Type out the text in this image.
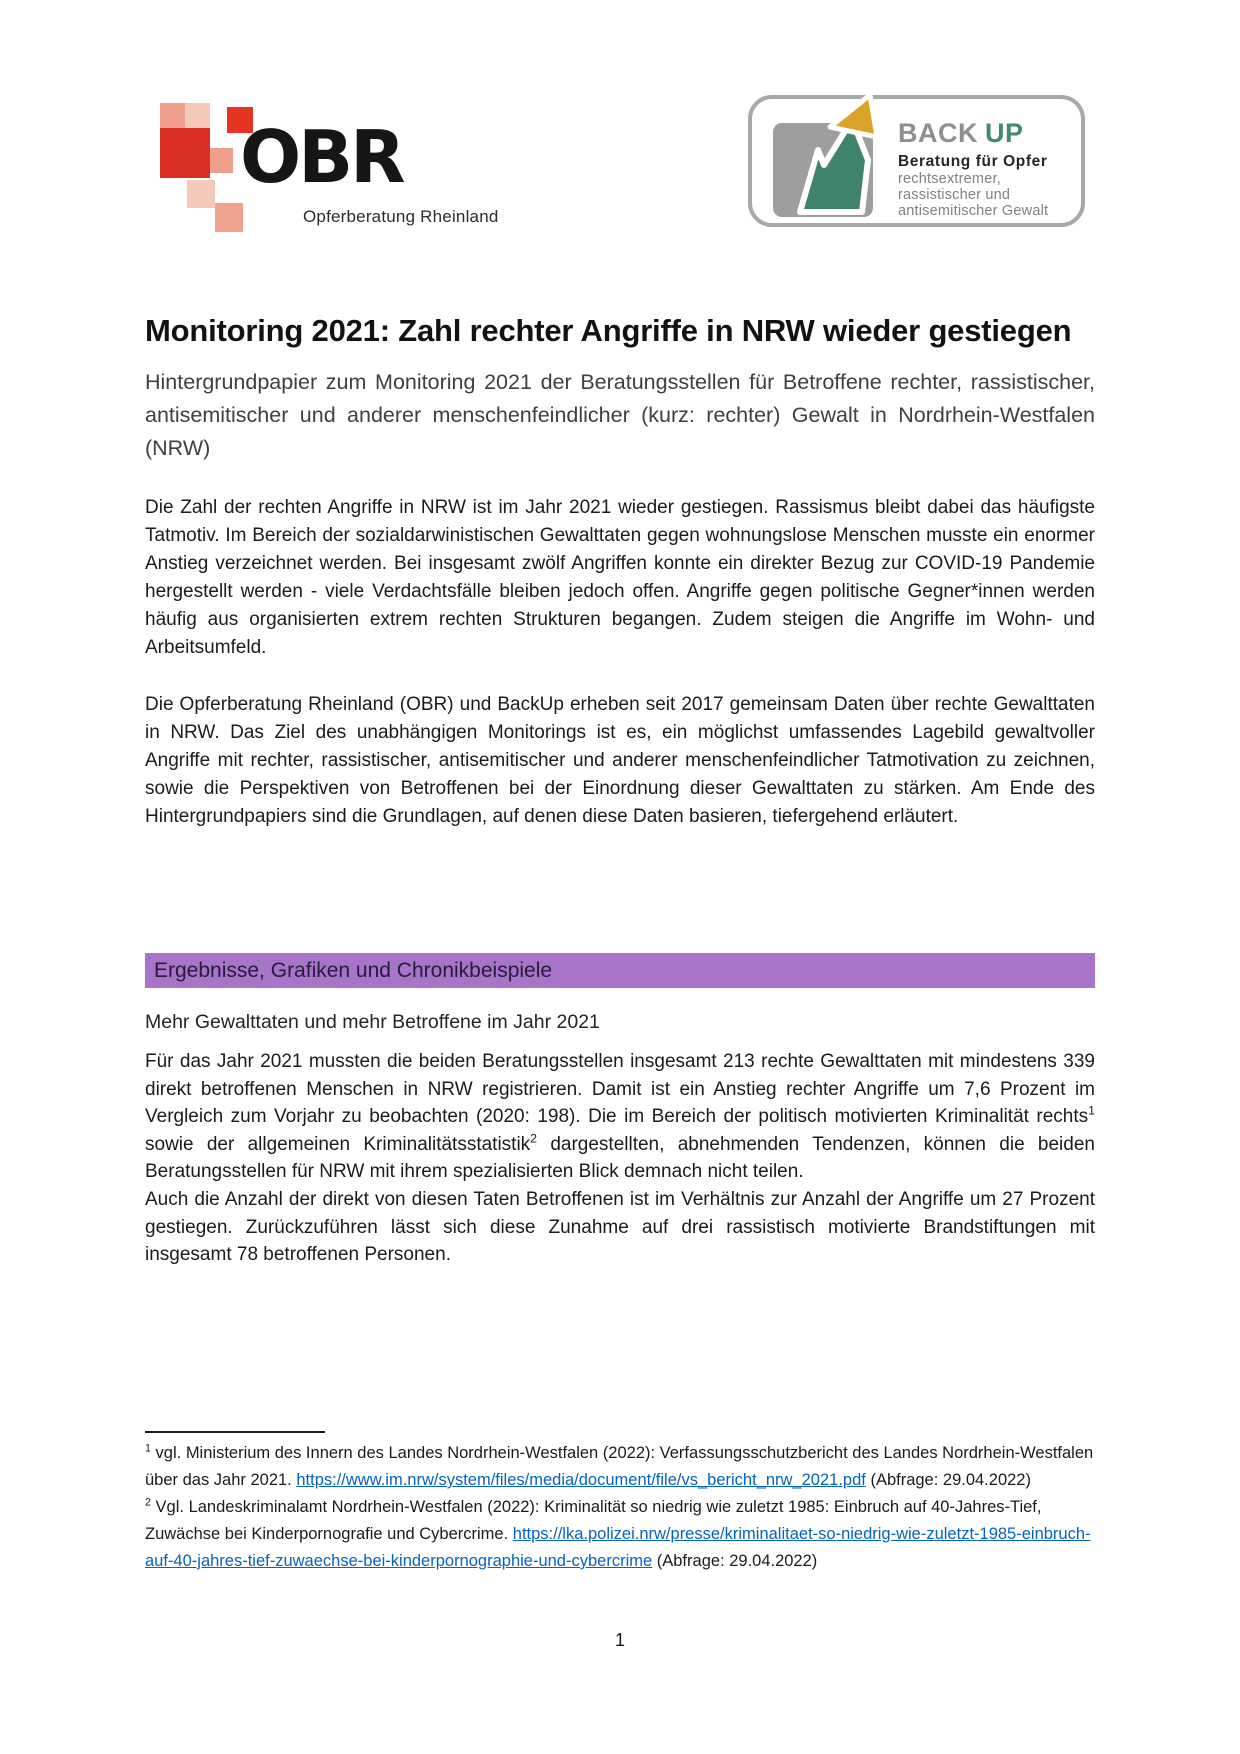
OBR
Opferberatung Rheinland
BACK UP
Beratung für Opfer
rechtsextremer,
rassistischer und
antisemitischer Gewalt
Monitoring 2021: Zahl rechter Angriffe in NRW wieder gestiegen

Hintergrundpapier zum Monitoring 2021 der Beratungsstellen für Betroffene rechter, rassistischer, antisemitischer und anderer menschenfeindlicher (kurz: rechter) Gewalt in Nordrhein-Westfalen (NRW)

Die Zahl der rechten Angriffe in NRW ist im Jahr 2021 wieder gestiegen. Rassismus bleibt dabei das häufigste Tatmotiv. Im Bereich der sozialdarwinistischen Gewalttaten gegen wohnungslose Menschen musste ein enormer Anstieg verzeichnet werden. Bei insgesamt zwölf Angriffen konnte ein direkter Bezug zur COVID-19 Pandemie hergestellt werden - viele Verdachtsfälle bleiben jedoch offen. Angriffe gegen politische Gegner*innen werden häufig aus organisierten extrem rechten Strukturen begangen. Zudem steigen die Angriffe im Wohn- und Arbeitsumfeld.

Die Opferberatung Rheinland (OBR) und BackUp erheben seit 2017 gemeinsam Daten über rechte Gewalttaten in NRW. Das Ziel des unabhängigen Monitorings ist es, ein möglichst umfassendes Lagebild gewaltvoller Angriffe mit rechter, rassistischer, antisemitischer und anderer menschenfeindlicher Tatmotivation zu zeichnen, sowie die Perspektiven von Betroffenen bei der Einordnung dieser Gewalttaten zu stärken. Am Ende des Hintergrundpapiers sind die Grundlagen, auf denen diese Daten basieren, tiefergehend erläutert.

Ergebnisse, Grafiken und Chronikbeispiele

Mehr Gewalttaten und mehr Betroffene im Jahr 2021

Für das Jahr 2021 mussten die beiden Beratungsstellen insgesamt 213 rechte Gewalttaten mit mindestens 339 direkt betroffenen Menschen in NRW registrieren. Damit ist ein Anstieg rechter Angriffe um 7,6 Prozent im Vergleich zum Vorjahr zu beobachten (2020: 198). Die im Bereich der politisch motivierten Kriminalität rechts$^1$ sowie der allgemeinen Kriminalitätsstatistik$^2$ dargestellten, abnehmenden Tendenzen, können die beiden Beratungsstellen für NRW mit ihrem spezialisierten Blick demnach nicht teilen.

Auch die Anzahl der direkt von diesen Taten Betroffenen ist im Verhältnis zur Anzahl der Angriffe um 27 Prozent gestiegen. Zurückzuführen lässt sich diese Zunahme auf drei rassistisch motivierte Brandstiftungen mit insgesamt 78 betroffenen Personen.

$^1$ vgl. Ministerium des Innern des Landes Nordrhein-Westfalen (2022): Verfassungsschutzbericht des Landes Nordrhein-Westfalen über das Jahr 2021. https://www.im.nrw/system/files/media/document/file/vs_bericht_nrw_2021.pdf (Abfrage: 29.04.2022)

$^2$ Vgl. Landeskriminalamt Nordrhein-Westfalen (2022): Kriminalität so niedrig wie zuletzt 1985: Einbruch auf 40-Jahres-Tief, Zuwächse bei Kinderpornografie und Cybercrime. https://lka.polizei.nrw/presse/kriminalitaet-so-niedrig-wie-zuletzt-1985-einbruch-auf-40-jahres-tief-zuwaechse-bei-kinderpornographie-und-cybercrime (Abfrage: 29.04.2022)

1
